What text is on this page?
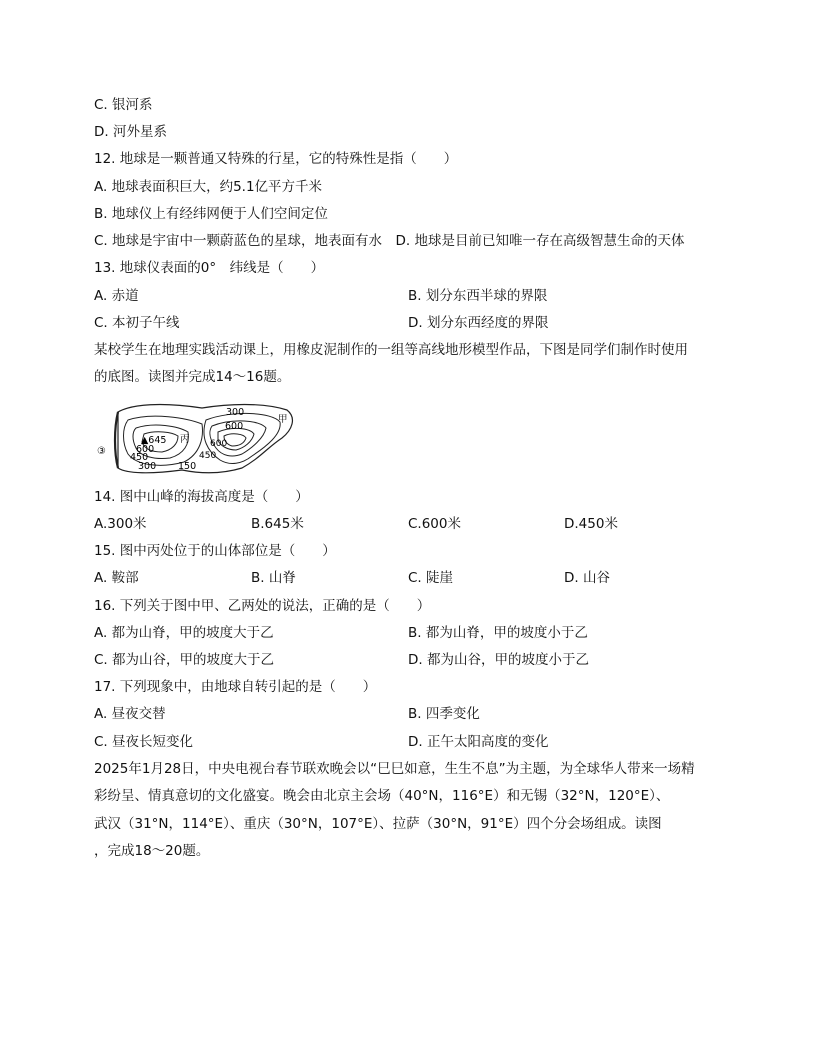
C. 银河系
D. 河外星系
12. 地球是一颗普通又特殊的行星，它的特殊性是指（　　）
A. 地球表面积巨大，约5.1亿平方千米
B. 地球仪上有经纬网便于人们空间定位
C. 地球是宇宙中一颗蔚蓝色的星球，地表面有水　D. 地球是目前已知唯一存在高级智慧生命的天体
13. 地球仪表面的0°　纬线是（　　）
A. 赤道	B. 划分东西半球的界限
C. 本初子午线	D. 划分东西经度的界限
某校学生在地理实践活动课上，用橡皮泥制作的一组等高线地形模型作品，下图是同学们制作时使用
的底图。读图并完成14～16题。
300
甲
600
▲645 丙
600
450
300 150
450
600
③
14. 图中山峰的海拔高度是（　　）
A.300米	B.645米	C.600米	D.450米
15. 图中丙处位于的山体部位是（　　）
A. 鞍部	B. 山脊	C. 陡崖	D. 山谷
16. 下列关于图中甲、乙两处的说法，正确的是（　　）
A. 都为山脊，甲的坡度大于乙	B. 都为山脊，甲的坡度小于乙
C. 都为山谷，甲的坡度大于乙	D. 都为山谷，甲的坡度小于乙
17. 下列现象中，由地球自转引起的是（　　）
A. 昼夜交替	B. 四季变化
C. 昼夜长短变化	D. 正午太阳高度的变化
2025年1月28日，中央电视台春节联欢晚会以“巳巳如意，生生不息”为主题，为全球华人带来一场精
彩纷呈、情真意切的文化盛宴。晚会由北京主会场（40°N，116°E）和无锡（32°N，120°E）、
武汉（31°N，114°E）、重庆（30°N，107°E）、拉萨（30°N，91°E）四个分会场组成。读图
，完成18～20题。
